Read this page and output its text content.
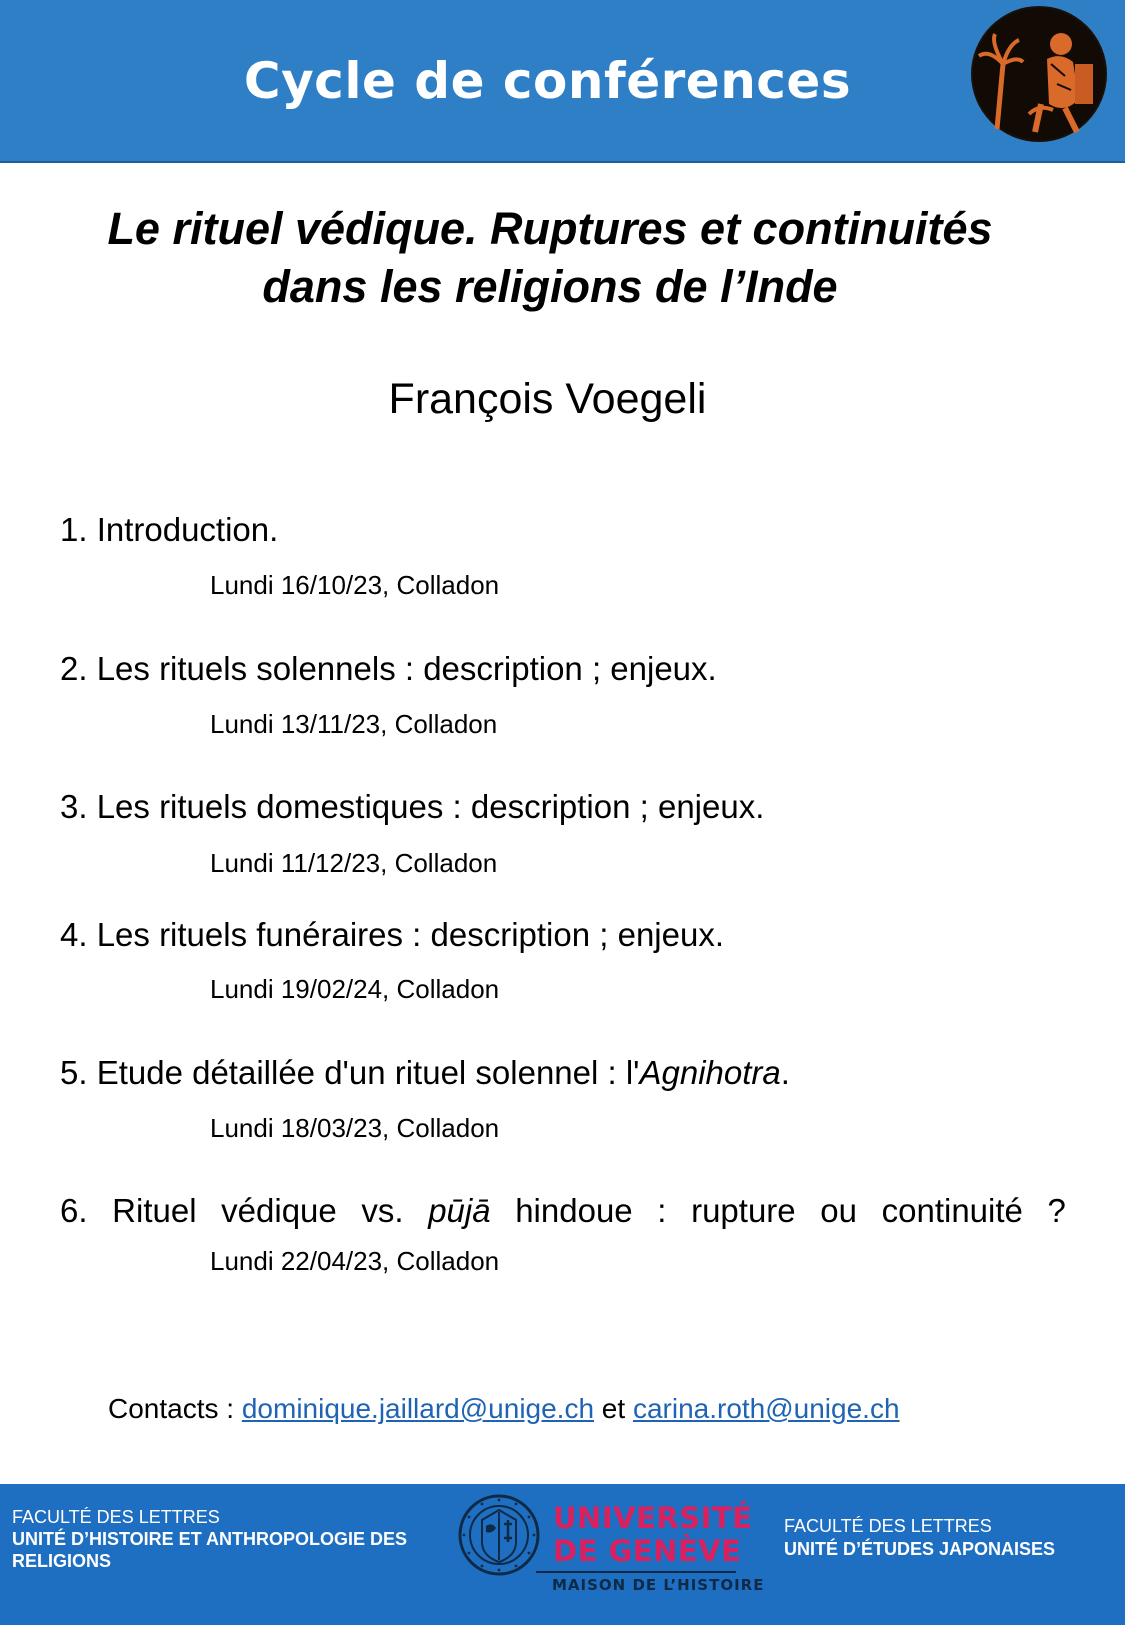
Cycle de conférences
Le rituel védique. Ruptures et continuités
dans les religions de l’Inde
François Voegeli
1. Introduction.
Lundi 16/10/23, Colladon
2. Les rituels solennels : description ; enjeux.
Lundi 13/11/23, Colladon
3. Les rituels domestiques : description ; enjeux.
Lundi 11/12/23, Colladon
4. Les rituels funéraires : description ; enjeux.
Lundi 19/02/24, Colladon
5. Etude détaillée d'un rituel solennel : l'Agnihotra.
Lundi 18/03/23, Colladon
6. Rituel védique vs. pūjā hindoue : rupture ou continuité ?
Lundi 22/04/23, Colladon
Contacts : dominique.jaillard@unige.ch et carina.roth@unige.ch
FACULTÉ DES LETTRES
UNITÉ D’HISTOIRE ET ANTHROPOLOGIE DES
RELIGIONS
UNIVERSITÉ
DE GENÈVE
MAISON DE L’HISTOIRE
FACULTÉ DES LETTRES
UNITÉ D’ÉTUDES JAPONAISES
